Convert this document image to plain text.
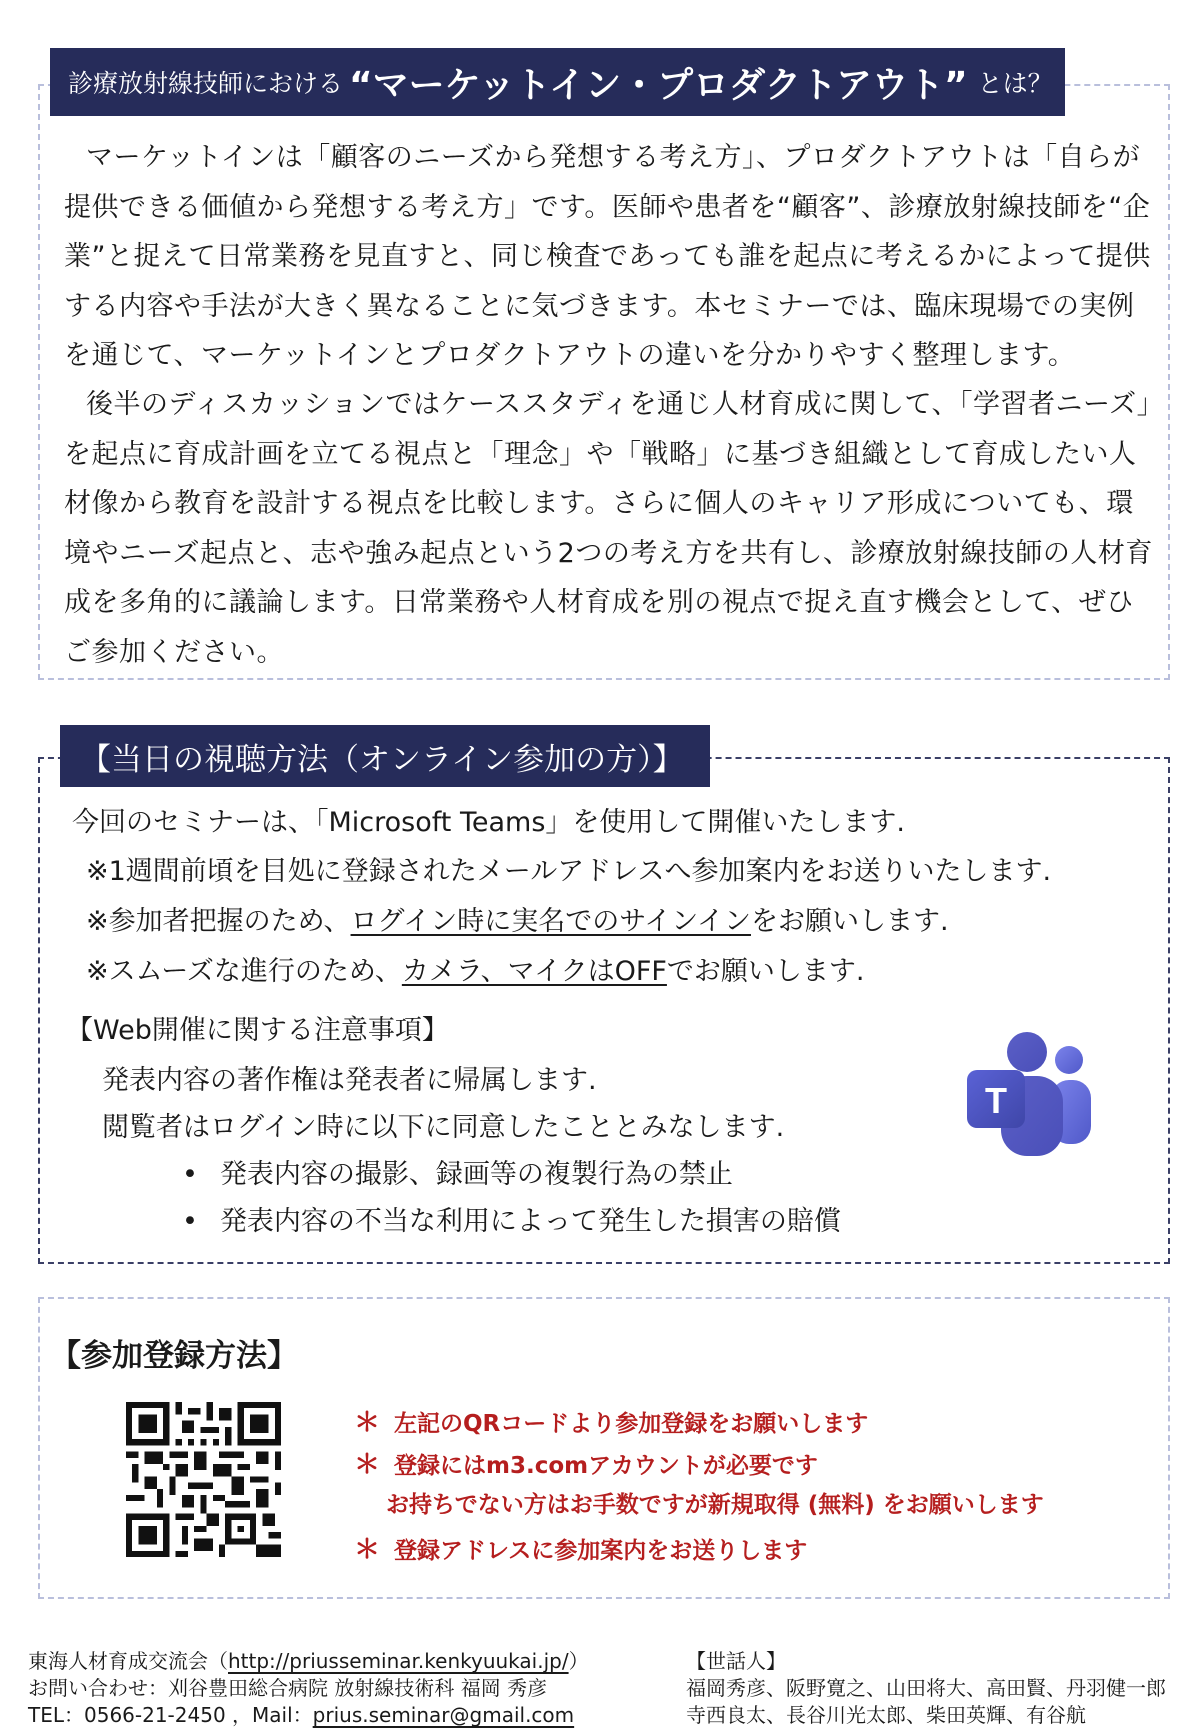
診療放射線技師における “マーケットイン・プロダクトアウト” とは？

マーケットインは「顧客のニーズから発想する考え方」、プロダクトアウトは「自らが提供できる価値から発想する考え方」です。医師や患者を“顧客”、診療放射線技師を“企業”と捉えて日常業務を見直すと、同じ検査であっても誰を起点に考えるかによって提供する内容や手法が大きく異なることに気づきます。本セミナーでは、臨床現場での実例を通じて、マーケットインとプロダクトアウトの違いを分かりやすく整理します。

後半のディスカッションではケーススタディを通じ人材育成に関して、「学習者ニーズ」を起点に育成計画を立てる視点と「理念」や「戦略」に基づき組織として育成したい人材像から教育を設計する視点を比較します。さらに個人のキャリア形成についても、環境やニーズ起点と、志や強み起点という2つの考え方を共有し、診療放射線技師の人材育成を多角的に議論します。日常業務や人材育成を別の視点で捉え直す機会として、ぜひご参加ください。

【当日の視聴方法（オンライン参加の方）】
今回のセミナーは、「Microsoft Teams」を使用して開催いたします.
※1週間前頃を目処に登録されたメールアドレスへ参加案内をお送りいたします.
※参加者把握のため、ログイン時に実名でのサインインをお願いします.
※スムーズな進行のため、カメラ、マイクはOFFでお願いします.
【Web開催に関する注意事項】
発表内容の著作権は発表者に帰属します.
閲覧者はログイン時に以下に同意したこととみなします.
• 発表内容の撮影、録画等の複製行為の禁止
• 発表内容の不当な利用によって発生した損害の賠償
T
【参加登録方法】
＊ 左記のQRコードより参加登録をお願いします
＊ 登録にはm3.comアカウントが必要です
お持ちでない方はお手数ですが新規取得 (無料) をお願いします
＊ 登録アドレスに参加案内をお送りします
東海人材育成交流会（http://priusseminar.kenkyuukai.jp/）
お問い合わせ：刈谷豊田総合病院 放射線技術科 福岡 秀彦
TEL：0566-21-2450 ，Mail：prius.seminar@gmail.com
【世話人】
福岡秀彦、阪野寛之、山田将大、高田賢、丹羽健一郎
寺西良太、長谷川光太郎、柴田英輝、有谷航
